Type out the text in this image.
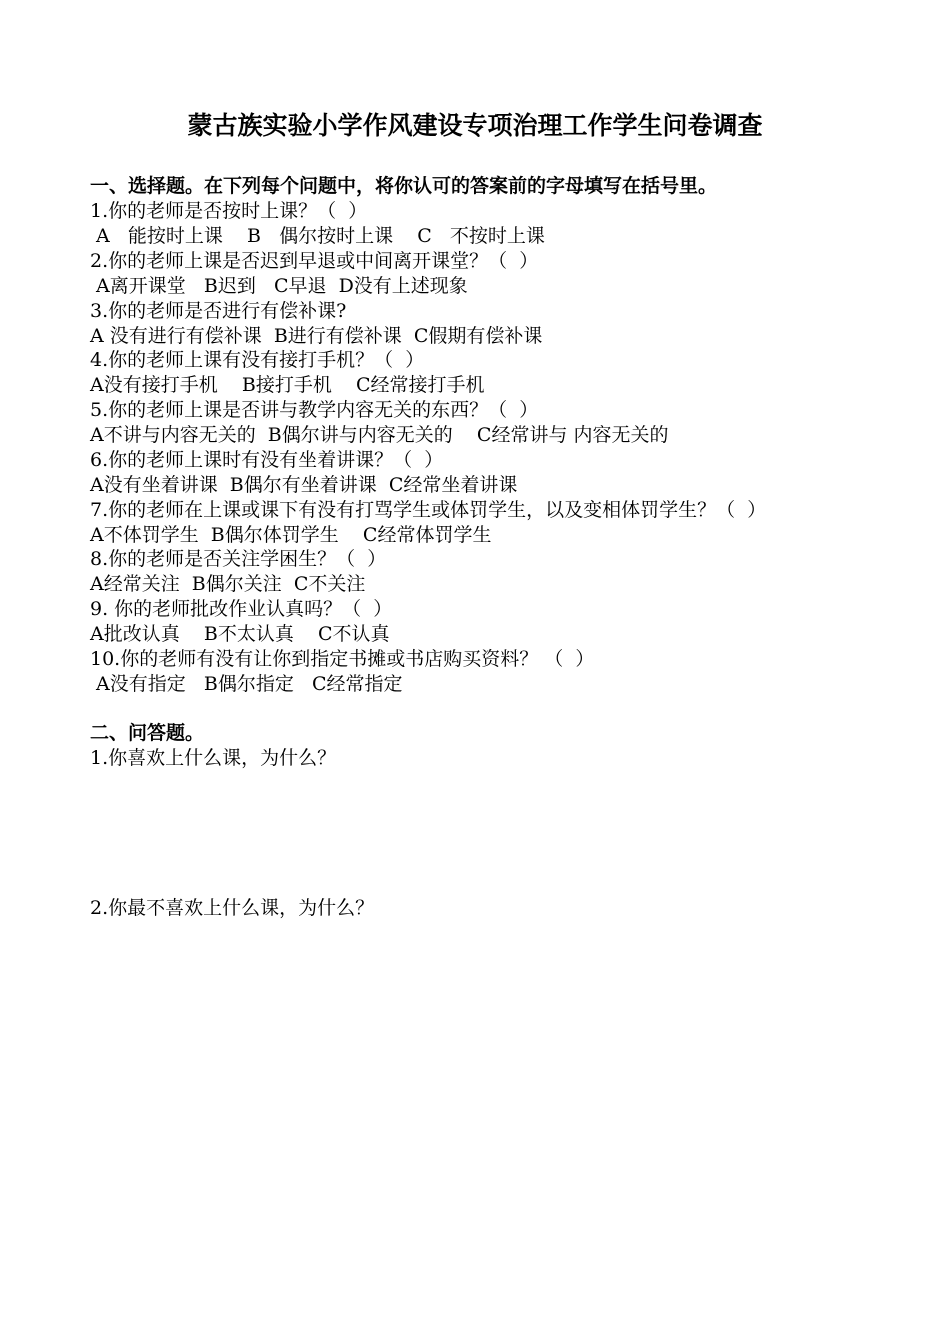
蒙古族实验小学作风建设专项治理工作学生问卷调查
一、选择题。在下列每个问题中，将你认可的答案前的字母填写在括号里。
1.你的老师是否按时上课？（  ）
A   能按时上课    B   偶尔按时上课    C   不按时上课
2.你的老师上课是否迟到早退或中间离开课堂？（  ）
A离开课堂   B迟到   C早退  D没有上述现象
3.你的老师是否进行有偿补课?
A 没有进行有偿补课  B进行有偿补课  C假期有偿补课
4.你的老师上课有没有接打手机？（  ）
A没有接打手机    B接打手机    C经常接打手机
5.你的老师上课是否讲与教学内容无关的东西？（  ）
A不讲与内容无关的  B偶尔讲与内容无关的    C经常讲与 内容无关的
6.你的老师上课时有没有坐着讲课？（  ）
A没有坐着讲课  B偶尔有坐着讲课  C经常坐着讲课
7.你的老师在上课或课下有没有打骂学生或体罚学生，以及变相体罚学生？（  ）
A不体罚学生  B偶尔体罚学生    C经常体罚学生
8.你的老师是否关注学困生？（  ）
A经常关注  B偶尔关注  C不关注
9. 你的老师批改作业认真吗？（  ）
A批改认真    B不太认真    C不认真
10.你的老师有没有让你到指定书摊或书店购买资料？ （  ）
A没有指定   B偶尔指定   C经常指定
二、问答题。
1.你喜欢上什么课，为什么？
2.你最不喜欢上什么课，为什么？
